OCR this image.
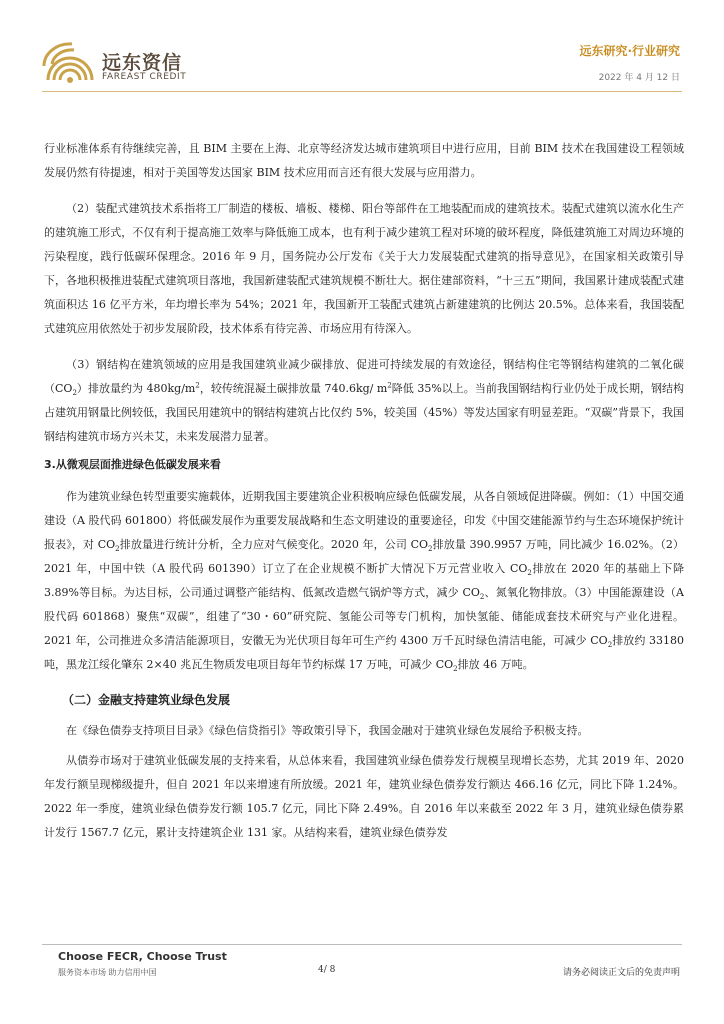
远东资信
FAREAST CREDIT
远东研究·行业研究
2022 年 4 月 12 日

行业标准体系有待继续完善，且 BIM 主要在上海、北京等经济发达城市建筑项目中进行应用，目前 BIM 技术在我国建设工程领域发展仍然有待提速，相对于美国等发达国家 BIM 技术应用而言还有很大发展与应用潜力。

（2）装配式建筑技术系指将工厂制造的楼板、墙板、楼梯、阳台等部件在工地装配而成的建筑技术。装配式建筑以流水化生产的建筑施工形式，不仅有利于提高施工效率与降低施工成本，也有利于减少建筑工程对环境的破坏程度，降低建筑施工对周边环境的污染程度，践行低碳环保理念。2016 年 9 月，国务院办公厅发布《关于大力发展装配式建筑的指导意见》，在国家相关政策引导下，各地积极推进装配式建筑项目落地，我国新建装配式建筑规模不断壮大。据住建部资料，“十三五”期间，我国累计建成装配式建筑面积达 16 亿平方米，年均增长率为 54%；2021 年，我国新开工装配式建筑占新建建筑的比例达 20.5%。总体来看，我国装配式建筑应用依然处于初步发展阶段，技术体系有待完善、市场应用有待深入。

（3）钢结构在建筑领域的应用是我国建筑业减少碳排放、促进可持续发展的有效途径，钢结构住宅等钢结构建筑的二氧化碳$(CO_2)$排放量约为 $480kg/m^2$，较传统混凝土碳排放量 740.6kg/ $m^2$降低 35%以上。当前我国钢结构行业仍处于成长期，钢结构占建筑用钢量比例较低，我国民用建筑中的钢结构建筑占比仅约 5%，较美国（45%）等发达国家有明显差距。“双碳”背景下，我国钢结构建筑市场方兴未艾，未来发展潜力显著。

3.从微观层面推进绿色低碳发展来看

作为建筑业绿色转型重要实施载体，近期我国主要建筑企业积极响应绿色低碳发展，从各自领域促进降碳。例如：（1）中国交通建设（A 股代码 601800）将低碳发展作为重要发展战略和生态文明建设的重要途径，印发《中国交建能源节约与生态环境保护统计报表》，对 $CO_2$排放量进行统计分析，全力应对气候变化。2020 年，公司 $CO_2$排放量 390.9957 万吨，同比减少 16.02%。（2）2021 年，中国中铁（A 股代码 601390）订立了在企业规模不断扩大情况下万元营业收入 $CO_2$排放在 2020 年的基础上下降 3.89%等目标。为达目标，公司通过调整产能结构、低氮改造燃气锅炉等方式，减少 $CO_2$、氮氧化物排放。（3）中国能源建设（A 股代码 601868）聚焦“双碳”，组建了“30・60”研究院、氢能公司等专门机构，加快氢能、储能成套技术研究与产业化进程。2021 年，公司推进众多清洁能源项目，安徽无为光伏项目每年可生产约 4300 万千瓦时绿色清洁电能，可减少 $CO_2$排放约 33180 吨，黑龙江绥化肇东 2×40 兆瓦生物质发电项目每年节约标煤 17 万吨，可减少 $CO_2$排放 46 万吨。

（二）金融支持建筑业绿色发展

在《绿色债券支持项目目录》《绿色信贷指引》等政策引导下，我国金融对于建筑业绿色发展给予积极支持。

从债券市场对于建筑业低碳发展的支持来看，从总体来看，我国建筑业绿色债券发行规模呈现增长态势，尤其 2019 年、2020 年发行额呈现梯级提升，但自 2021 年以来增速有所放缓。2021 年，建筑业绿色债券发行额达 466.16 亿元，同比下降 1.24%。2022 年一季度，建筑业绿色债券发行额 105.7 亿元，同比下降 2.49%。自 2016 年以来截至 2022 年 3 月，建筑业绿色债券累计发行 1567.7 亿元，累计支持建筑企业 131 家。从结构来看，建筑业绿色债券发

Choose FECR, Choose Trust
服务资本市场 助力信用中国	4/ 8	请务必阅读正文后的免责声明
